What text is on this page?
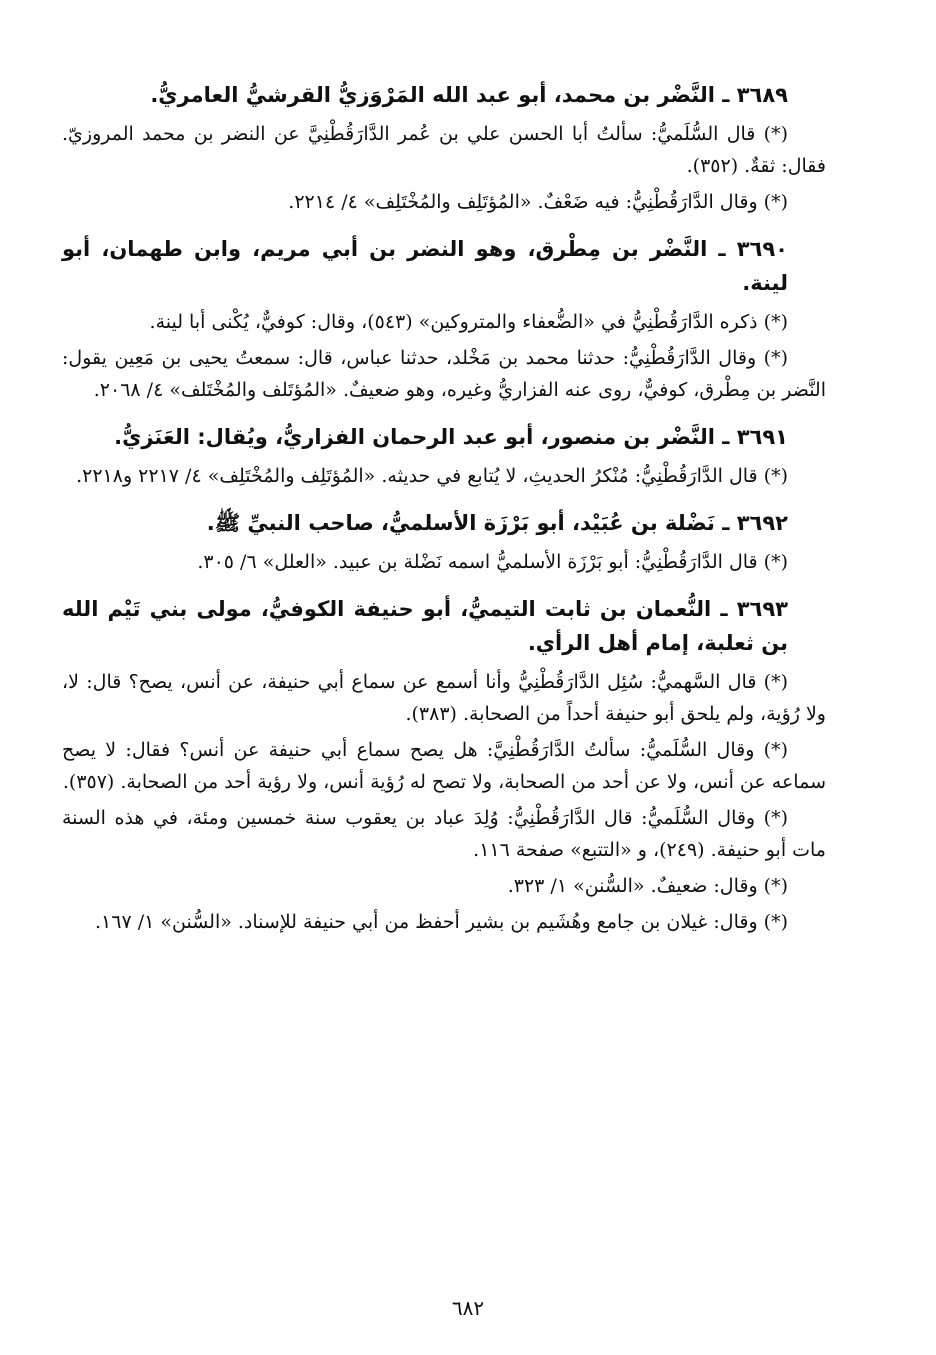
٣٦٨٩ ـ النَّضْر بن محمد، أبو عبد الله المَرْوَزيُّ القرشيُّ العامريُّ.

(*) قال السُّلَميُّ: سألتُ أبا الحسن علي بن عُمر الدَّارَقُطْنِيَّ عن النضر بن محمد المروزيّ. فقال: ثقةٌ. (٣٥٢).

(*) وقال الدَّارَقُطْنِيُّ: فيه ضَعْفٌ. «المُؤتَلِف والمُخْتَلِف» ٤/ ٢٢١٤.

٣٦٩٠ ـ النَّضْر بن مِطْرق، وهو النضر بن أبي مريم، وابن طهمان، أبو لينة.

(*) ذكره الدَّارَقُطْنِيُّ في «الضُّعفاء والمتروكين» (٥٤٣)، وقال: كوفيٌّ، يُكْنى أبا لينة.

(*) وقال الدَّارَقُطْنِيُّ: حدثنا محمد بن مَخْلد، حدثنا عباس، قال: سمعتُ يحيى بن مَعِين يقول: النَّضر بن مِطْرق، كوفيٌّ، روى عنه الفزاريُّ وغيره، وهو ضعيفٌ. «المُؤتَلف والمُخْتَلف» ٤/ ٢٠٦٨.

٣٦٩١ ـ النَّضْر بن منصور، أبو عبد الرحمان الفزاريُّ، ويُقال: العَنَزيُّ.

(*) قال الدَّارَقُطْنِيُّ: مُنْكرُ الحديثِ، لا يُتابع في حديثه. «المُؤتَلِف والمُخْتَلِف» ٤/ ٢٢١٧ و٢٢١٨.

٣٦٩٢ ـ نَضْلة بن عُبَيْد، أبو بَرْزَة الأسلميُّ، صاحب النبيِّ ﷺ.

(*) قال الدَّارَقُطْنِيُّ: أبو بَرْزَة الأسلميُّ اسمه نَضْلة بن عبيد. «العلل» ٦/ ٣٠٥.

٣٦٩٣ ـ النُّعمان بن ثابت التيميُّ، أبو حنيفة الكوفيُّ، مولى بني تَيْم الله بن ثعلبة، إمام أهل الرأي.

(*) قال السَّهميُّ: سُئِل الدَّارَقُطْنِيُّ وأنا أسمع عن سماع أبي حنيفة، عن أنس، يصح؟ قال: لا، ولا رُؤية، ولم يلحق أبو حنيفة أحداً من الصحابة. (٣٨٣).

(*) وقال السُّلَميُّ: سألتُ الدَّارَقُطْنِيَّ: هل يصح سماع أبي حنيفة عن أنس؟ فقال: لا يصح سماعه عن أنس، ولا عن أحد من الصحابة، ولا تصح له رُؤية أنس، ولا رؤية أحد من الصحابة. (٣٥٧).

(*) وقال السُّلَميُّ: قال الدَّارَقُطْنِيُّ: وُلِدَ عباد بن يعقوب سنة خمسين ومئة، في هذه السنة مات أبو حنيفة. (٢٤٩)، و «التتبع» صفحة ١١٦.

(*) وقال: ضعيفٌ. «السُّنن» ١/ ٣٢٣.

(*) وقال: غيلان بن جامع وهُشَيم بن بشير أحفظ من أبي حنيفة للإسناد. «السُّنن» ١/ ١٦٧.

٦٨٢
